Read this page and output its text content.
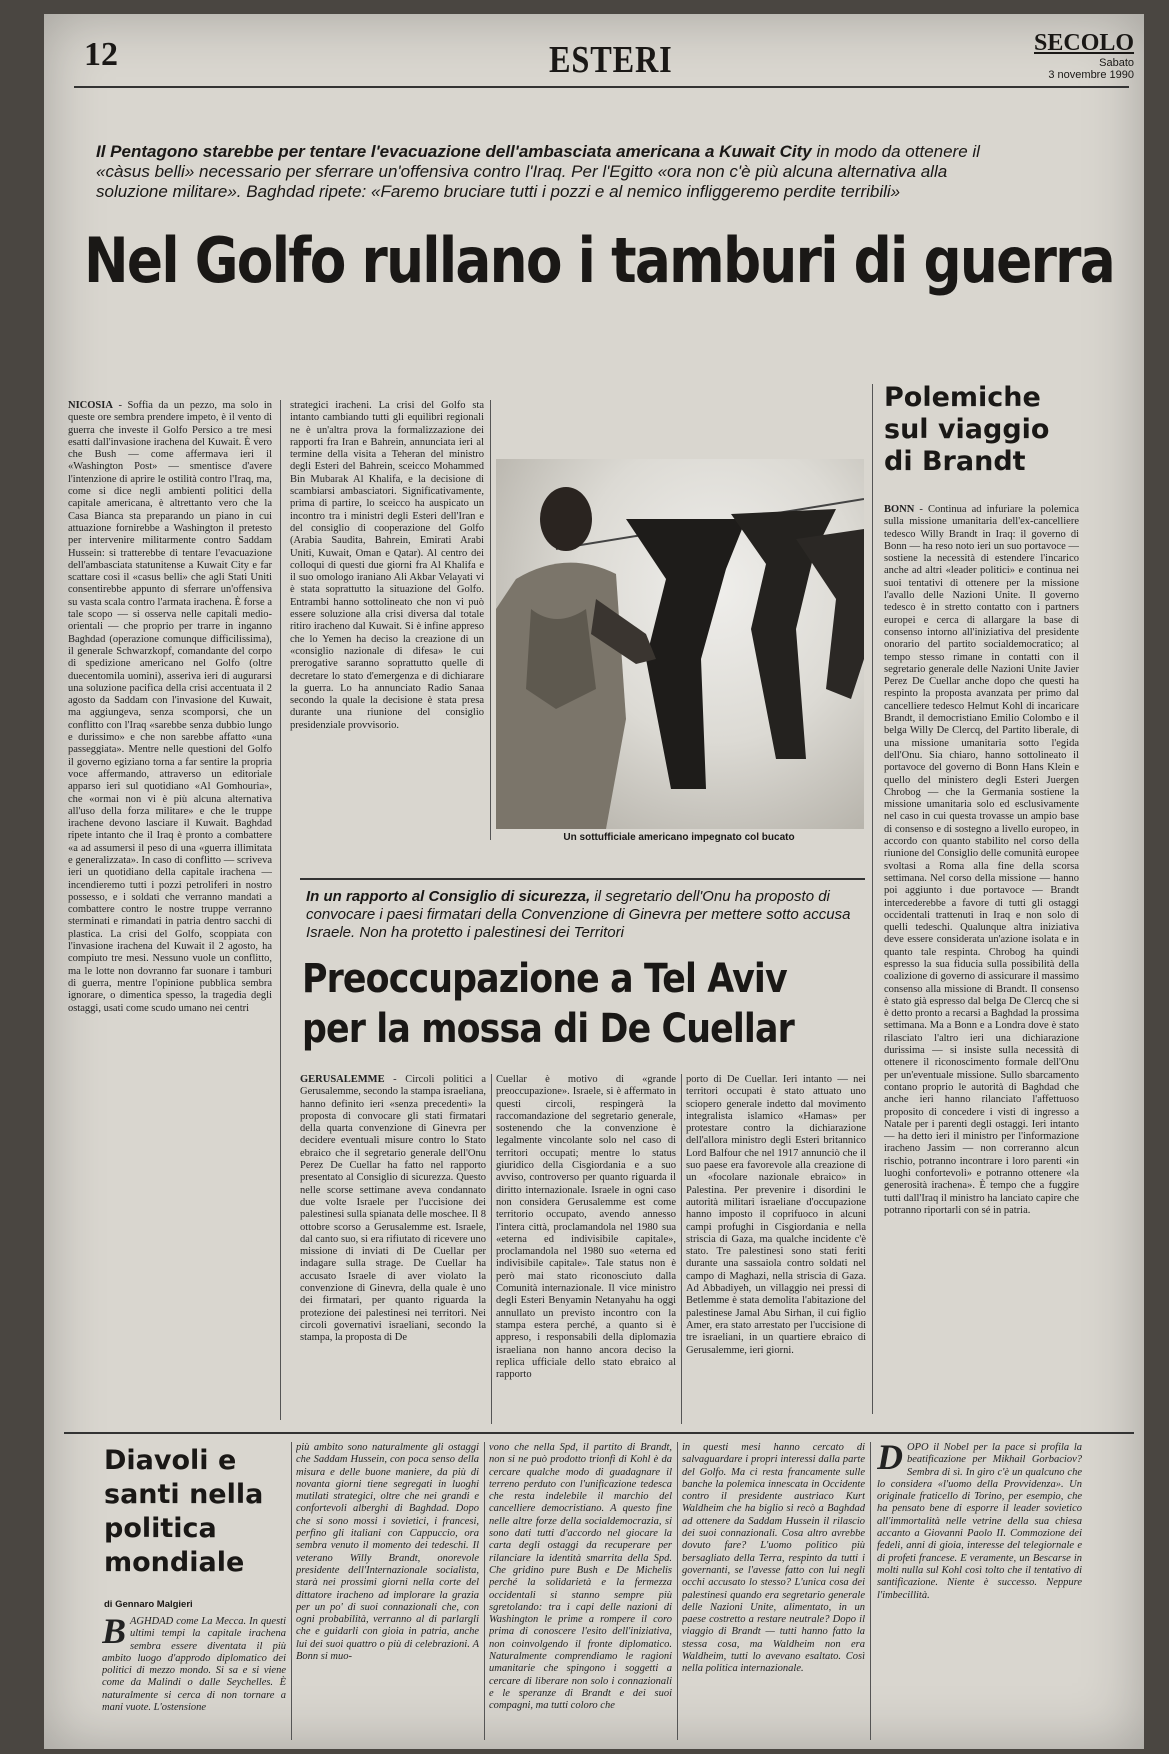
12	ESTERI	SECOLO
Sabato
3 novembre 1990
Il Pentagono starebbe per tentare l'evacuazione dell'ambasciata americana a Kuwait City in modo da ottenere il «càsus belli» necessario per sferrare un'offensiva contro l'Iraq. Per l'Egitto «ora non c'è più alcuna alternativa alla soluzione militare». Baghdad ripete: «Faremo bruciare tutti i pozzi e al nemico infliggeremo perdite terribili»
Nel Golfo rullano i tamburi di guerra
NICOSIA - Soffia da un pezzo, ma solo in queste ore sembra prendere impeto, è il vento di guerra che investe il Golfo Persico a tre mesi esatti dall'invasione irachena del Kuwait. È vero che Bush — come affermava ieri il «Washington Post» — smentisce d'avere l'intenzione di aprire le ostilità contro l'Iraq, ma, come si dice negli ambienti politici della capitale americana, è altrettanto vero che la Casa Bianca sta preparando un piano in cui attuazione fornirebbe a Washington il pretesto per intervenire militarmente contro Saddam Hussein: si tratterebbe di tentare l'evacuazione dell'ambasciata statunitense a Kuwait City e far scattare così il «casus belli» che agli Stati Uniti consentirebbe appunto di sferrare un'offensiva su vasta scala contro l'armata irachena. È forse a tale scopo — si osserva nelle capitali medio-orientali — che proprio per trarre in inganno Baghdad (operazione comunque difficilissima), il generale Schwarzkopf, comandante del corpo di spedizione americano nel Golfo (oltre duecentomila uomini), asseriva ieri di augurarsi una soluzione pacifica della crisi accentuata il 2 agosto da Saddam con l'invasione del Kuwait, ma aggiungeva, senza scomporsi, che un conflitto con l'Iraq «sarebbe senza dubbio lungo e durissimo» e che non sarebbe affatto «una passeggiata». Mentre nelle questioni del Golfo il governo egiziano torna a far sentire la propria voce affermando, attraverso un editoriale apparso ieri sul quotidiano «Al Gomhouria», che «ormai non vi è più alcuna alternativa all'uso della forza militare» e che le truppe irachene devono lasciare il Kuwait. Baghdad ripete intanto che il Iraq è pronto a combattere «a ad assumersi il peso di una «guerra illimitata e generalizzata». In caso di conflitto — scriveva ieri un quotidiano della capitale irachena — incendieremo tutti i pozzi petroliferi in nostro possesso, e i soldati che verranno mandati a combattere contro le nostre truppe verranno sterminati e rimandati in patria dentro sacchi di plastica. La crisi del Golfo, scoppiata con l'invasione irachena del Kuwait il 2 agosto, ha compiuto tre mesi. Nessuno vuole un conflitto, ma le lotte non dovranno far suonare i tamburi di guerra, mentre l'opinione pubblica sembra ignorare, o dimentica spesso, la tragedia degli ostaggi, usati come scudo umano nei centri
strategici iracheni. La crisi del Golfo sta intanto cambiando tutti gli equilibri regionali ne è un'altra prova la formalizzazione dei rapporti fra Iran e Bahrein, annunciata ieri al termine della visita a Teheran del ministro degli Esteri del Bahrein, sceicco Mohammed Bin Mubarak Al Khalifa, e la decisione di scambiarsi ambasciatori. Significativamente, prima di partire, lo sceicco ha auspicato un incontro tra i ministri degli Esteri dell'Iran e del consiglio di cooperazione del Golfo (Arabia Saudita, Bahrein, Emirati Arabi Uniti, Kuwait, Oman e Qatar). Al centro dei colloqui di questi due giorni fra Al Khalifa e il suo omologo iraniano Ali Akbar Velayati vi è stata soprattutto la situazione del Golfo. Entrambi hanno sottolineato che non vi può essere soluzione alla crisi diversa dal totale ritiro iracheno dal Kuwait. Si è infine appreso che lo Yemen ha deciso la creazione di un «consiglio nazionale di difesa» le cui prerogative saranno soprattutto quelle di decretare lo stato d'emergenza e di dichiarare la guerra. Lo ha annunciato Radio Sanaa secondo la quale la decisione è stata presa durante una riunione del consiglio presidenziale provvisorio.
Un sottufficiale americano impegnato col bucato
Polemiche sul viaggio di Brandt
BONN - Continua ad infuriare la polemica sulla missione umanitaria dell'ex-cancelliere tedesco Willy Brandt in Iraq: il governo di Bonn — ha reso noto ieri un suo portavoce — sostiene la necessità di estendere l'incarico anche ad altri «leader politici» e continua nei suoi tentativi di ottenere per la missione l'avallo delle Nazioni Unite. Il governo tedesco è in stretto contatto con i partners europei e cerca di allargare la base di consenso intorno all'iniziativa del presidente onorario del partito socialdemocratico; al tempo stesso rimane in contatti con il segretario generale delle Nazioni Unite Javier Perez De Cuellar anche dopo che questi ha respinto la proposta avanzata per primo dal cancelliere tedesco Helmut Kohl di incaricare Brandt, il democristiano Emilio Colombo e il belga Willy De Clercq, del Partito liberale, di una missione umanitaria sotto l'egida dell'Onu. Sia chiaro, hanno sottolineato il portavoce del governo di Bonn Hans Klein e quello del ministero degli Esteri Juergen Chrobog — che la Germania sostiene la missione umanitaria solo ed esclusivamente nel caso in cui questa trovasse un ampio base di consenso e di sostegno a livello europeo, in accordo con quanto stabilito nel corso della riunione del Consiglio delle comunità europee svoltasi a Roma alla fine della scorsa settimana. Nel corso della missione — hanno poi aggiunto i due portavoce — Brandt intercederebbe a favore di tutti gli ostaggi occidentali trattenuti in Iraq e non solo di quelli tedeschi. Qualunque altra iniziativa deve essere considerata un'azione isolata e in quanto tale respinta. Chrobog ha quindi espresso la sua fiducia sulla possibilità della coalizione di governo di assicurare il massimo consenso alla missione di Brandt. Il consenso è stato già espresso dal belga De Clercq che si è detto pronto a recarsi a Baghdad la prossima settimana. Ma a Bonn e a Londra dove è stato rilasciato l'altro ieri una dichiarazione durissima — si insiste sulla necessità di ottenere il riconoscimento formale dell'Onu per un'eventuale missione. Sullo sbarcamento contano proprio le autorità di Baghdad che anche ieri hanno rilanciato l'affettuoso proposito di concedere i visti di ingresso a Natale per i parenti degli ostaggi. Ieri intanto — ha detto ieri il ministro per l'informazione iracheno Jassim — non correranno alcun rischio, potranno incontrare i loro parenti «in luoghi confortevoli» e potranno ottenere «la generosità irachena». È tempo che a fuggire tutti dall'Iraq il ministro ha lanciato capire che potranno riportarli con sé in patria.
In un rapporto al Consiglio di sicurezza, il segretario dell'Onu ha proposto di convocare i paesi firmatari della Convenzione di Ginevra per mettere sotto accusa Israele. Non ha protetto i palestinesi dei Territori
Preoccupazione a Tel Aviv per la mossa di De Cuellar
GERUSALEMME - Circoli politici a Gerusalemme, secondo la stampa israeliana, hanno definito ieri «senza precedenti» la proposta di convocare gli stati firmatari della quarta convenzione di Ginevra per decidere eventuali misure contro lo Stato ebraico che il segretario generale dell'Onu Perez De Cuellar ha fatto nel rapporto presentato al Consiglio di sicurezza. Questo nelle scorse settimane aveva condannato due volte Israele per l'uccisione dei palestinesi sulla spianata delle moschee. Il 8 ottobre scorso a Gerusalemme est. Israele, dal canto suo, si era rifiutato di ricevere uno missione di inviati di De Cuellar per indagare sulla strage. De Cuellar ha accusato Israele di aver violato la convenzione di Ginevra, della quale è uno dei firmatari, per quanto riguarda la protezione dei palestinesi nei territori. Nei circoli governativi israeliani, secondo la stampa, la proposta di De
Cuellar è motivo di «grande preoccupazione». Israele, si è affermato in questi circoli, respingerà la raccomandazione del segretario generale, sostenendo che la convenzione è legalmente vincolante solo nel caso di territori occupati; mentre lo status giuridico della Cisgiordania e a suo avviso, controverso per quanto riguarda il diritto internazionale. Israele in ogni caso non considera Gerusalemme est come territorio occupato, avendo annesso l'intera città, proclamandola nel 1980 sua «eterna ed indivisibile capitale», proclamandola nel 1980 suo «eterna ed indivisibile capitale». Tale status non è però mai stato riconosciuto dalla Comunità internazionale. Il vice ministro degli Esteri Benyamin Netanyahu ha oggi annullato un previsto incontro con la stampa estera perché, a quanto si è appreso, i responsabili della diplomazia israeliana non hanno ancora deciso la replica ufficiale dello stato ebraico al rapporto
porto di De Cuellar. Ieri intanto — nei territori occupati è stato attuato uno sciopero generale indetto dal movimento integralista islamico «Hamas» per protestare contro la dichiarazione dell'allora ministro degli Esteri britannico Lord Balfour che nel 1917 annunciò che il suo paese era favorevole alla creazione di un «focolare nazionale ebraico» in Palestina. Per prevenire i disordini le autorità militari israeliane d'occupazione hanno imposto il coprifuoco in alcuni campi profughi in Cisgiordania e nella striscia di Gaza, ma qualche incidente c'è stato. Tre palestinesi sono stati feriti durante una sassaiola contro soldati nel campo di Maghazi, nella striscia di Gaza. Ad Abbadiyeh, un villaggio nei pressi di Betlemme è stata demolita l'abitazione del palestinese Jamal Abu Sirhan, il cui figlio Amer, era stato arrestato per l'uccisione di tre israeliani, in un quartiere ebraico di Gerusalemme, ieri giorni.
Diavoli e santi nella politica mondiale
di Gennaro Malgieri
BAGHDAD come La Mecca. In questi ultimi tempi la capitale irachena sembra essere diventata il più ambito luogo d'approdo diplomatico dei politici di mezzo mondo. Si sa e si viene come da Malindi o dalle Seychelles. È naturalmente si cerca di non tornare a mani vuote. L'ostensione
più ambito sono naturalmente gli ostaggi che Saddam Hussein, con poca senso della misura e delle buone maniere, da più di novanta giorni tiene segregati in luoghi mutilati strategici, oltre che nei grandi e confortevoli alberghi di Baghdad. Dopo che si sono mossi i sovietici, i francesi, perfino gli italiani con Cappuccio, ora sembra venuto il momento dei tedeschi. Il veterano Willy Brandt, onorevole presidente dell'Internazionale socialista, starà nei prossimi giorni nella corte del dittatore iracheno ad implorare la grazia per un po' di suoi connazionali che, con ogni probabilità, verranno al di parlargli che e guidarli con gioia in patria, anche lui dei suoi quattro o più di celebrazioni. A Bonn si muo-
vono che nella Spd, il partito di Brandt, non si ne può prodotto trionfi di Kohl è da cercare qualche modo di guadagnare il terreno perduto con l'unificazione tedesca che resta indelebile il marchio del cancelliere democristiano. A questo fine nelle altre forze della socialdemocrazia, si sono dati tutti d'accordo nel giocare la carta degli ostaggi da recuperare per rilanciare la identità smarrita della Spd. Che gridino pure Bush e De Michelis perché la solidarietà e la fermezza occidentali si stanno sempre più sgretolando: tra i capi delle nazioni di Washington le prime a rompere il coro prima di conoscere l'esito dell'iniziativa, non coinvolgendo il fronte diplomatico. Naturalmente comprendiamo le ragioni umanitarie che spingono i soggetti a cercare di liberare non solo i connazionali e le speranze di Brandt e dei suoi compagni, ma tutti coloro che
in questi mesi hanno cercato di salvaguardare i propri interessi dalla parte del Golfo. Ma ci resta francamente sulle banche la polemica innescata in Occidente contro il presidente austriaco Kurt Waldheim che ha biglio si recò a Baghdad ad ottenere da Saddam Hussein il rilascio dei suoi connazionali. Cosa altro avrebbe dovuto fare? L'uomo politico più bersagliato della Terra, respinto da tutti i governanti, se l'avesse fatto con lui negli occhi accusato lo stesso? L'unica cosa dei palestinesi quando era segretario generale delle Nazioni Unite, alimentato, in un paese costretto a restare neutrale? Dopo il viaggio di Brandt — tutti hanno fatto la stessa cosa, ma Waldheim non era Waldheim, tutti lo avevano esaltato. Così nella politica internazionale.
DOPO il Nobel per la pace si profila la beatificazione per Mikhail Gorbaciov? Sembra di sì. In giro c'è un qualcuno che lo considera «l'uomo della Provvidenza». Un originale fraticello di Torino, per esempio, che ha pensato bene di esporre il leader sovietico all'immortalità nelle vetrine della sua chiesa accanto a Giovanni Paolo II. Commozione dei fedeli, anni di gioia, interesse del telegiornale e di profeti francese. E veramente, un Bescarse in molti nulla sul Kohl così tolto che il tentativo di santificazione. Niente è successo. Neppure l'imbecillità.
